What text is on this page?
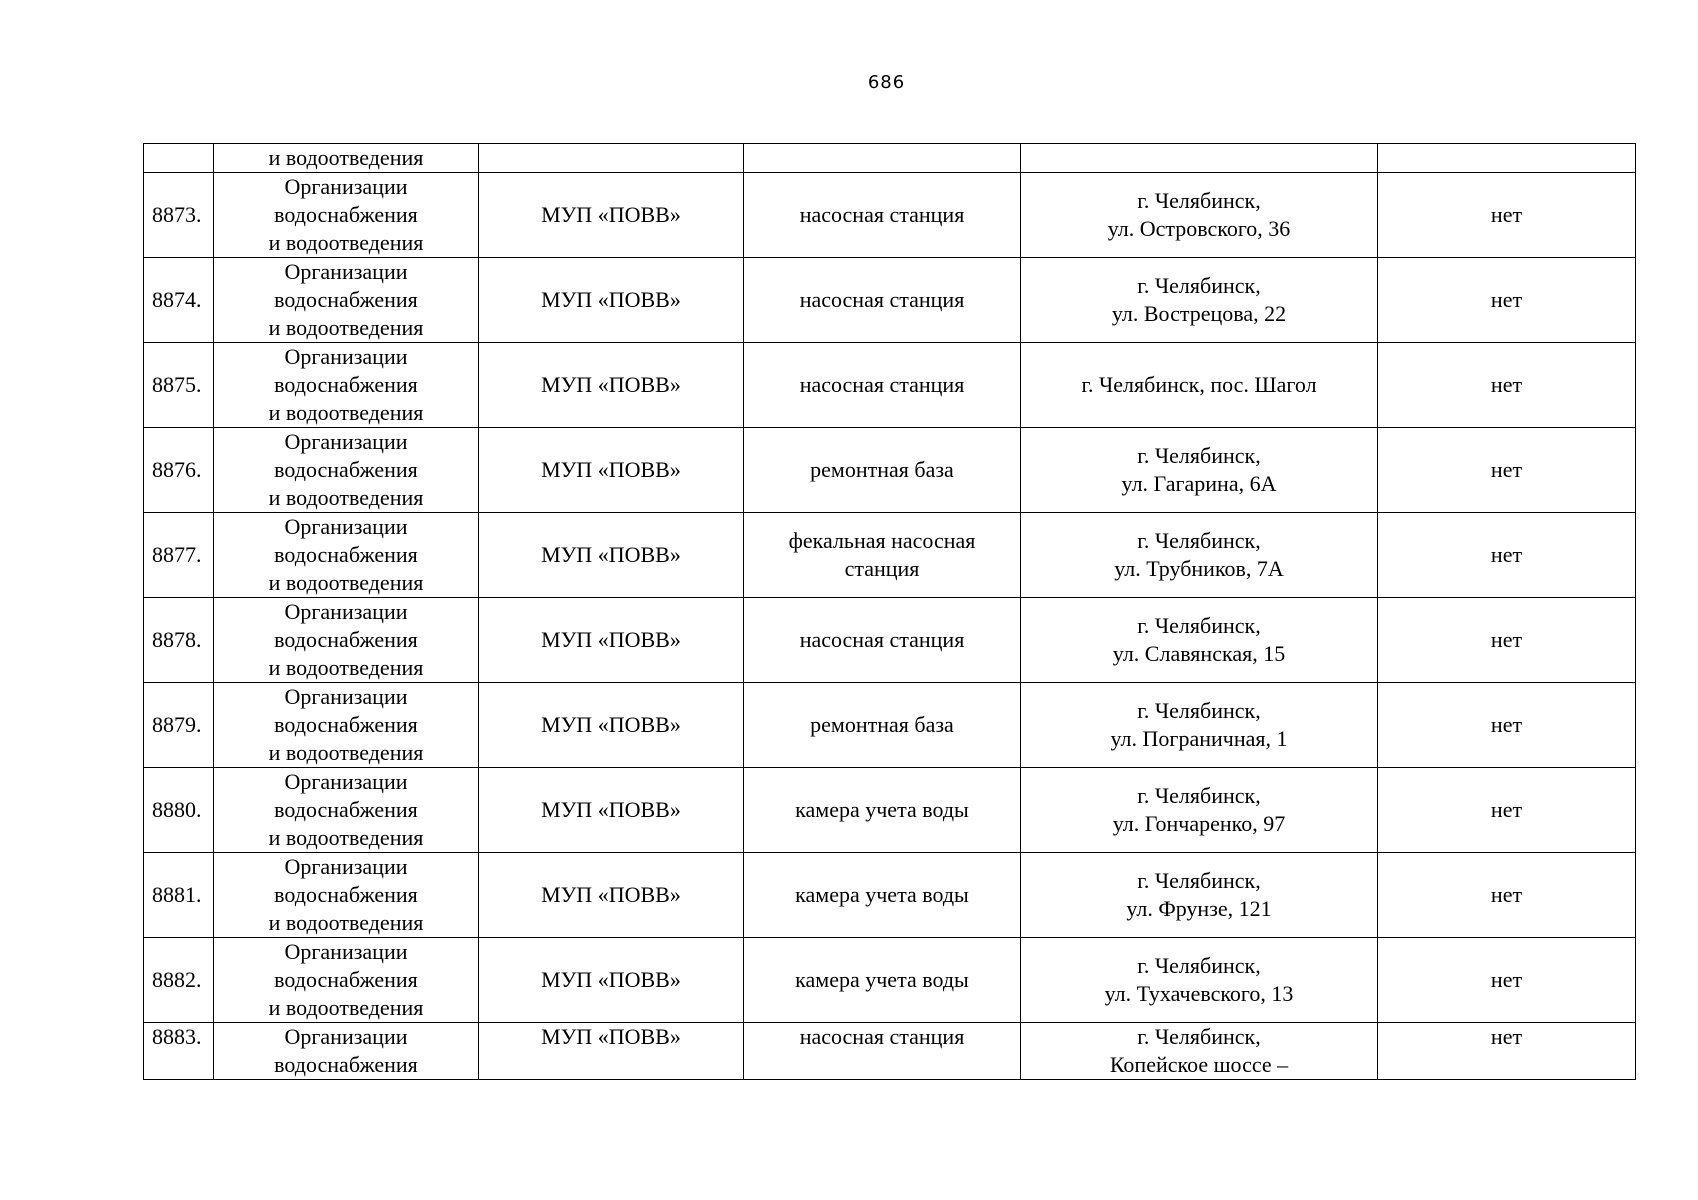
686

	и водоотведения				

8873.	Организации
водоснабжения
и водоотведения	МУП «ПОВВ»	насосная станция	г. Челябинск,
ул. Островского, 36	нет
8874.	Организации
водоснабжения
и водоотведения	МУП «ПОВВ»	насосная станция	г. Челябинск,
ул. Вострецова, 22	нет
8875.	Организации
водоснабжения
и водоотведения	МУП «ПОВВ»	насосная станция	г. Челябинск, пос. Шагол	нет
8876.	Организации
водоснабжения
и водоотведения	МУП «ПОВВ»	ремонтная база	г. Челябинск,
ул. Гагарина, 6А	нет
8877.	Организации
водоснабжения
и водоотведения	МУП «ПОВВ»	фекальная насосная
станция	г. Челябинск,
ул. Трубников, 7А	нет
8878.	Организации
водоснабжения
и водоотведения	МУП «ПОВВ»	насосная станция	г. Челябинск,
ул. Славянская, 15	нет
8879.	Организации
водоснабжения
и водоотведения	МУП «ПОВВ»	ремонтная база	г. Челябинск,
ул. Пограничная, 1	нет
8880.	Организации
водоснабжения
и водоотведения	МУП «ПОВВ»	камера учета воды	г. Челябинск,
ул. Гончаренко, 97	нет
8881.	Организации
водоснабжения
и водоотведения	МУП «ПОВВ»	камера учета воды	г. Челябинск,
ул. Фрунзе, 121	нет
8882.	Организации
водоснабжения
и водоотведения	МУП «ПОВВ»	камера учета воды	г. Челябинск,
ул. Тухачевского, 13	нет
8883.	Организации
водоснабжения	МУП «ПОВВ»	насосная станция	г. Челябинск,
Копейское шоссе –	нет
